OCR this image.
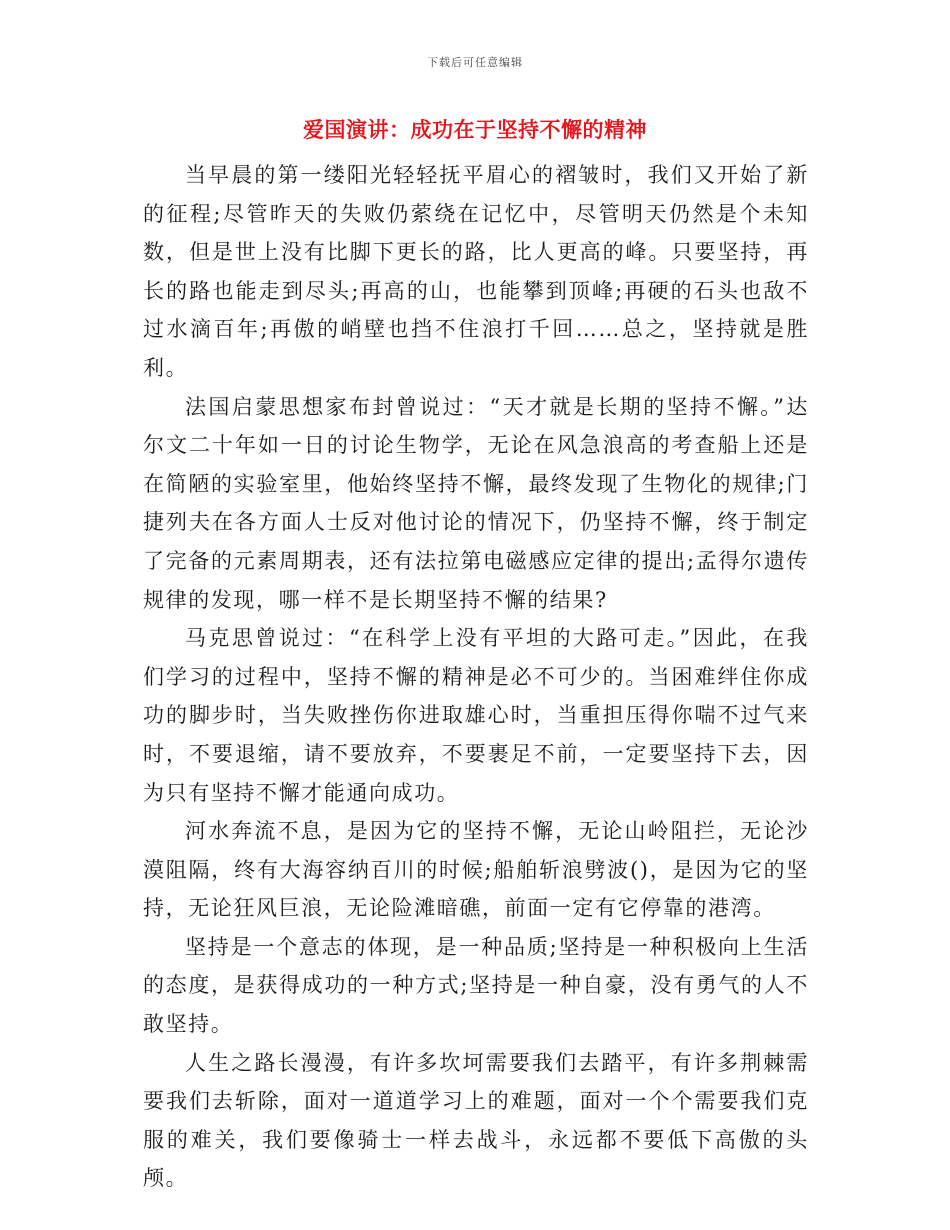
下载后可任意编辑
爱国演讲：成功在于坚持不懈的精神

当早晨的第一缕阳光轻轻抚平眉心的褶皱时，我们又开始了新的征程;尽管昨天的失败仍萦绕在记忆中，尽管明天仍然是个未知数，但是世上没有比脚下更长的路，比人更高的峰。只要坚持，再长的路也能走到尽头;再高的山，也能攀到顶峰;再硬的石头也敌不过水滴百年;再傲的峭壁也挡不住浪打千回……总之，坚持就是胜利。

法国启蒙思想家布封曾说过：“天才就是长期的坚持不懈。”达尔文二十年如一日的讨论生物学，无论在风急浪高的考查船上还是在简陋的实验室里，他始终坚持不懈，最终发现了生物化的规律;门捷列夫在各方面人士反对他讨论的情况下，仍坚持不懈，终于制定了完备的元素周期表，还有法拉第电磁感应定律的提出;孟得尔遗传规律的发现，哪一样不是长期坚持不懈的结果?

马克思曾说过：“在科学上没有平坦的大路可走。”因此，在我们学习的过程中，坚持不懈的精神是必不可少的。当困难绊住你成功的脚步时，当失败挫伤你进取雄心时，当重担压得你喘不过气来时，不要退缩，请不要放弃，不要裹足不前，一定要坚持下去，因为只有坚持不懈才能通向成功。

河水奔流不息，是因为它的坚持不懈，无论山岭阻拦，无论沙漠阻隔，终有大海容纳百川的时候;船舶斩浪劈波()，是因为它的坚持，无论狂风巨浪，无论险滩暗礁，前面一定有它停靠的港湾。

坚持是一个意志的体现，是一种品质;坚持是一种积极向上生活的态度，是获得成功的一种方式;坚持是一种自豪，没有勇气的人不敢坚持。

人生之路长漫漫，有许多坎坷需要我们去踏平，有许多荆棘需要我们去斩除，面对一道道学习上的难题，面对一个个需要我们克服的难关，我们要像骑士一样去战斗，永远都不要低下高傲的头颅。
